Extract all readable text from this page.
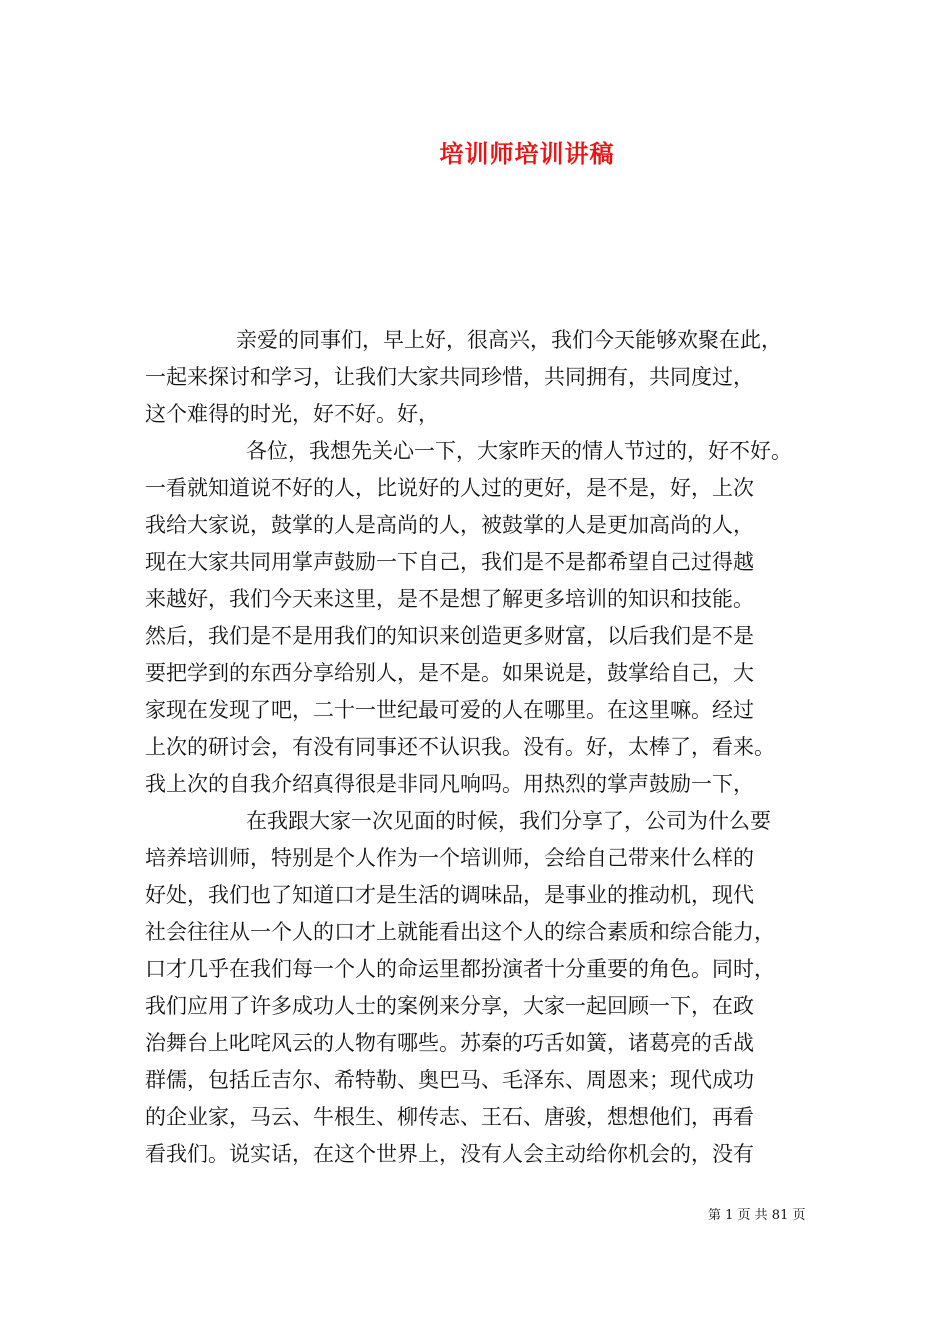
培训师培训讲稿
亲爱的同事们，早上好，很高兴，我们今天能够欢聚在此，
一起来探讨和学习，让我们大家共同珍惜，共同拥有，共同度过，
这个难得的时光，好不好。好，
各位，我想先关心一下，大家昨天的情人节过的，好不好。
一看就知道说不好的人，比说好的人过的更好，是不是，好，上次
我给大家说，鼓掌的人是高尚的人，被鼓掌的人是更加高尚的人，
现在大家共同用掌声鼓励一下自己，我们是不是都希望自己过得越
来越好，我们今天来这里，是不是想了解更多培训的知识和技能。
然后，我们是不是用我们的知识来创造更多财富，以后我们是不是
要把学到的东西分享给别人，是不是。如果说是，鼓掌给自己，大
家现在发现了吧，二十一世纪最可爱的人在哪里。在这里嘛。经过
上次的研讨会，有没有同事还不认识我。没有。好，太棒了，看来。
我上次的自我介绍真得很是非同凡响吗。用热烈的掌声鼓励一下，
在我跟大家一次见面的时候，我们分享了，公司为什么要
培养培训师，特别是个人作为一个培训师，会给自己带来什么样的
好处，我们也了知道口才是生活的调味品，是事业的推动机，现代
社会往往从一个人的口才上就能看出这个人的综合素质和综合能力，
口才几乎在我们每一个人的命运里都扮演者十分重要的角色。同时，
我们应用了许多成功人士的案例来分享，大家一起回顾一下，在政
治舞台上叱咤风云的人物有哪些。苏秦的巧舌如簧，诸葛亮的舌战
群儒，包括丘吉尔、希特勒、奥巴马、毛泽东、周恩来；现代成功
的企业家，马云、牛根生、柳传志、王石、唐骏，想想他们，再看
看我们。说实话，在这个世界上，没有人会主动给你机会的，没有
第 1 页 共 81 页
